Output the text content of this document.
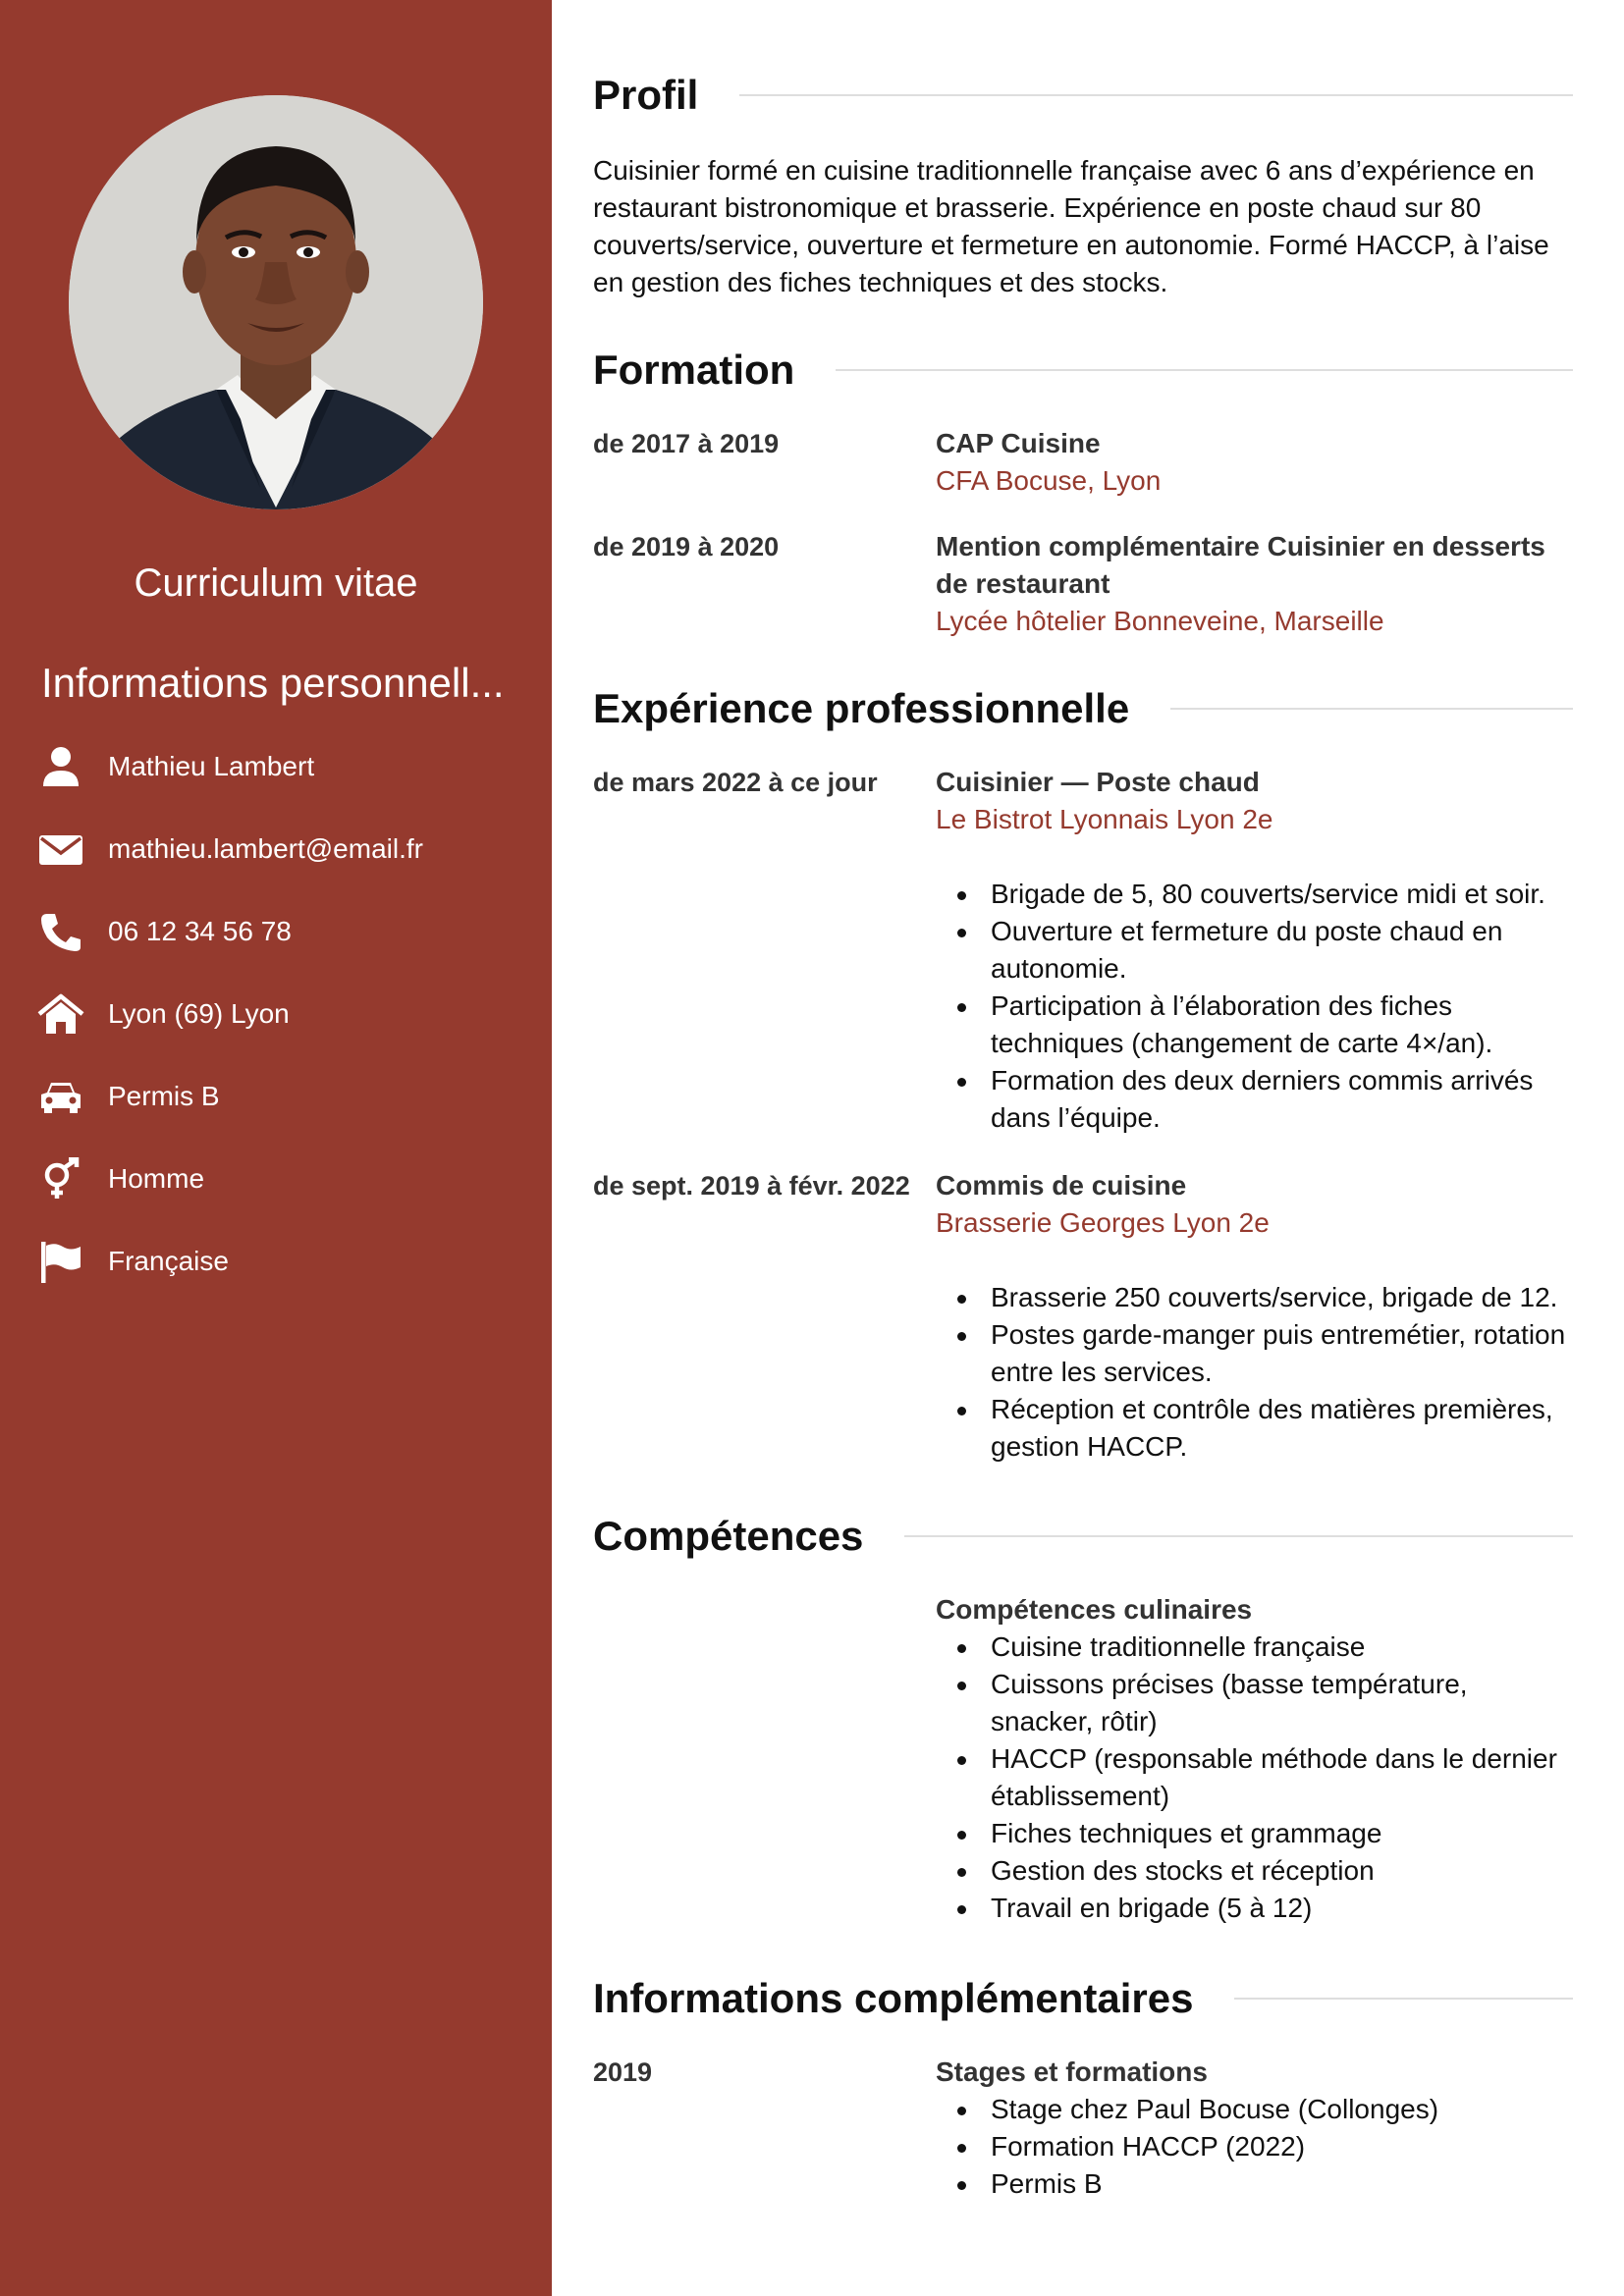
Curriculum vitae
Informations personnell...
Mathieu Lambert
mathieu.lambert@email.fr
06 12 34 56 78
Lyon (69) Lyon
Permis B
Homme
Française
Profil
Cuisinier formé en cuisine traditionnelle française avec 6 ans d’expérience en restaurant bistronomique et brasserie. Expérience en poste chaud sur 80 couverts/service, ouverture et fermeture en autonomie. Formé HACCP, à l’aise en gestion des fiches techniques et des stocks.
Formation
de 2017 à 2019	CAP Cuisine
CFA Bocuse, Lyon
de 2019 à 2020	Mention complémentaire Cuisinier en desserts de restaurant
Lycée hôtelier Bonneveine, Marseille
Expérience professionnelle
de mars 2022 à ce jour	Cuisinier — Poste chaud
Le Bistrot Lyonnais Lyon 2e
Brigade de 5, 80 couverts/service midi et soir.
Ouverture et fermeture du poste chaud en autonomie.
Participation à l’élaboration des fiches techniques (changement de carte 4×/an).
Formation des deux derniers commis arrivés dans l’équipe.
de sept. 2019 à févr. 2022 Commis de cuisine
Brasserie Georges Lyon 2e
Brasserie 250 couverts/service, brigade de 12.
Postes garde-manger puis entremétier, rotation entre les services.
Réception et contrôle des matières premières, gestion HACCP.
Compétences
Compétences culinaires
Cuisine traditionnelle française
Cuissons précises (basse température, snacker, rôtir)
HACCP (responsable méthode dans le dernier établissement)
Fiches techniques et grammage
Gestion des stocks et réception
Travail en brigade (5 à 12)
Informations complémentaires
2019	Stages et formations
Stage chez Paul Bocuse (Collonges)
Formation HACCP (2022)
Permis B
